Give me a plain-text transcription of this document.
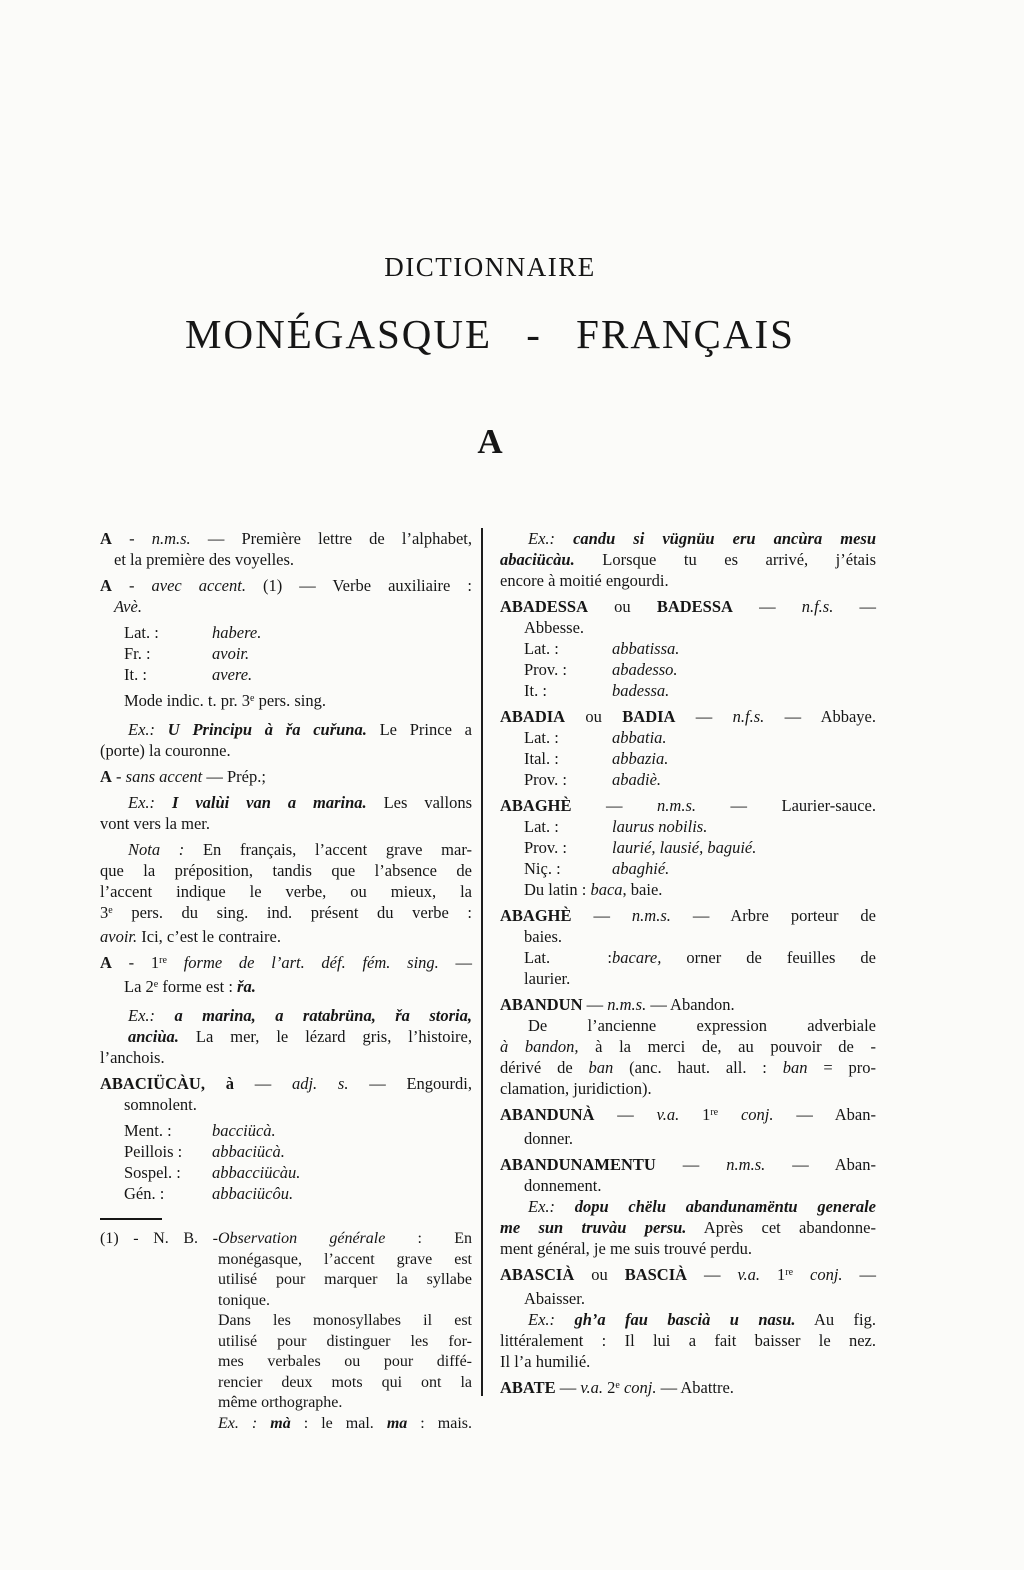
DICTIONNAIRE
MONÉGASQUE - FRANÇAIS
A
A - n.m.s. — Première lettre de l’alphabet,
et la première des voyelles.
A - avec accent. (1) — Verbe auxiliaire :
Avè.
Lat. :	habere.
Fr. :	avoir.
It. :	avere.
Mode indic. t. pr. 3e pers. sing.
Ex.: U Principu à řa cuřuna. Le Prince a
(porte) la couronne.
A - sans accent — Prép.;
Ex.: I valùi van a marina. Les vallons
vont vers la mer.
Nota : En français, l’accent grave mar-
que la préposition, tandis que l’absence de
l’accent indique le verbe, ou mieux, la
3e pers. du sing. ind. présent du verbe :
avoir. Ici, c’est le contraire.
A - 1re forme de l’art. déf. fém. sing. —
La 2e forme est : řa.
Ex.: a marina, a ratabrüna, řa storia,
anciùa. La mer, le lézard gris, l’histoire,
l’anchois.
ABACIÜCÀU, à — adj. s. — Engourdi,
somnolent.
Ment. : bacciücà.
Peillois : abbaciücà.
Sospel. : abbacciücàu.
Gén. :	abbaciücôu.
(1) - N. B. -Observation générale : En
monégasque, l’accent grave est
utilisé pour marquer la syllabe
tonique.
Dans les monosyllabes il est
utilisé pour distinguer les for-
mes verbales ou pour diffé-
rencier deux mots qui ont la
même orthographe.
Ex. : mà : le mal. ma : mais.
Ex.: candu si vügnüu eru ancùra mesu
abaciücàu. Lorsque tu es arrivé, j’étais
encore à moitié engourdi.
ABADESSA ou BADESSA — n.f.s. —
Abbesse.
Lat. :	abbatissa.
Prov. :	abadesso.
It. :	badessa.
ABADIA ou BADIA — n.f.s. — Abbaye.
Lat. :	abbatia.
Ital. :	abbazia.
Prov. :	abadiè.
ABAGHÈ — n.m.s. — Laurier-sauce.
Lat. :	laurus nobilis.
Prov. :	laurié, lausié, baguié.
Niç. :	abaghié.
Du latin : baca, baie.
ABAGHÈ — n.m.s. — Arbre porteur de
baies.
Lat. :bacare, orner de feuilles de
laurier.
ABANDUN — n.m.s. — Abandon.
De l’ancienne expression adverbiale
à bandon, à la merci de, au pouvoir de -
dérivé de ban (anc. haut. all. : ban = pro-
clamation, juridiction).
ABANDUNÀ — v.a. 1re conj. — Aban-
donner.
ABANDUNAMENTU — n.m.s. — Aban-
donnement.
Ex.: dopu chëlu abandunamëntu generale
me sun truvàu persu. Après cet abandonne-
ment général, je me suis trouvé perdu.
ABASCIÀ ou BASCIÀ — v.a. 1re conj. —
Abaisser.
Ex.: gh’a fau bascià u nasu. Au fig.
littéralement : Il lui a fait baisser le nez.
Il l’a humilié.
ABATE — v.a. 2e conj. — Abattre.
